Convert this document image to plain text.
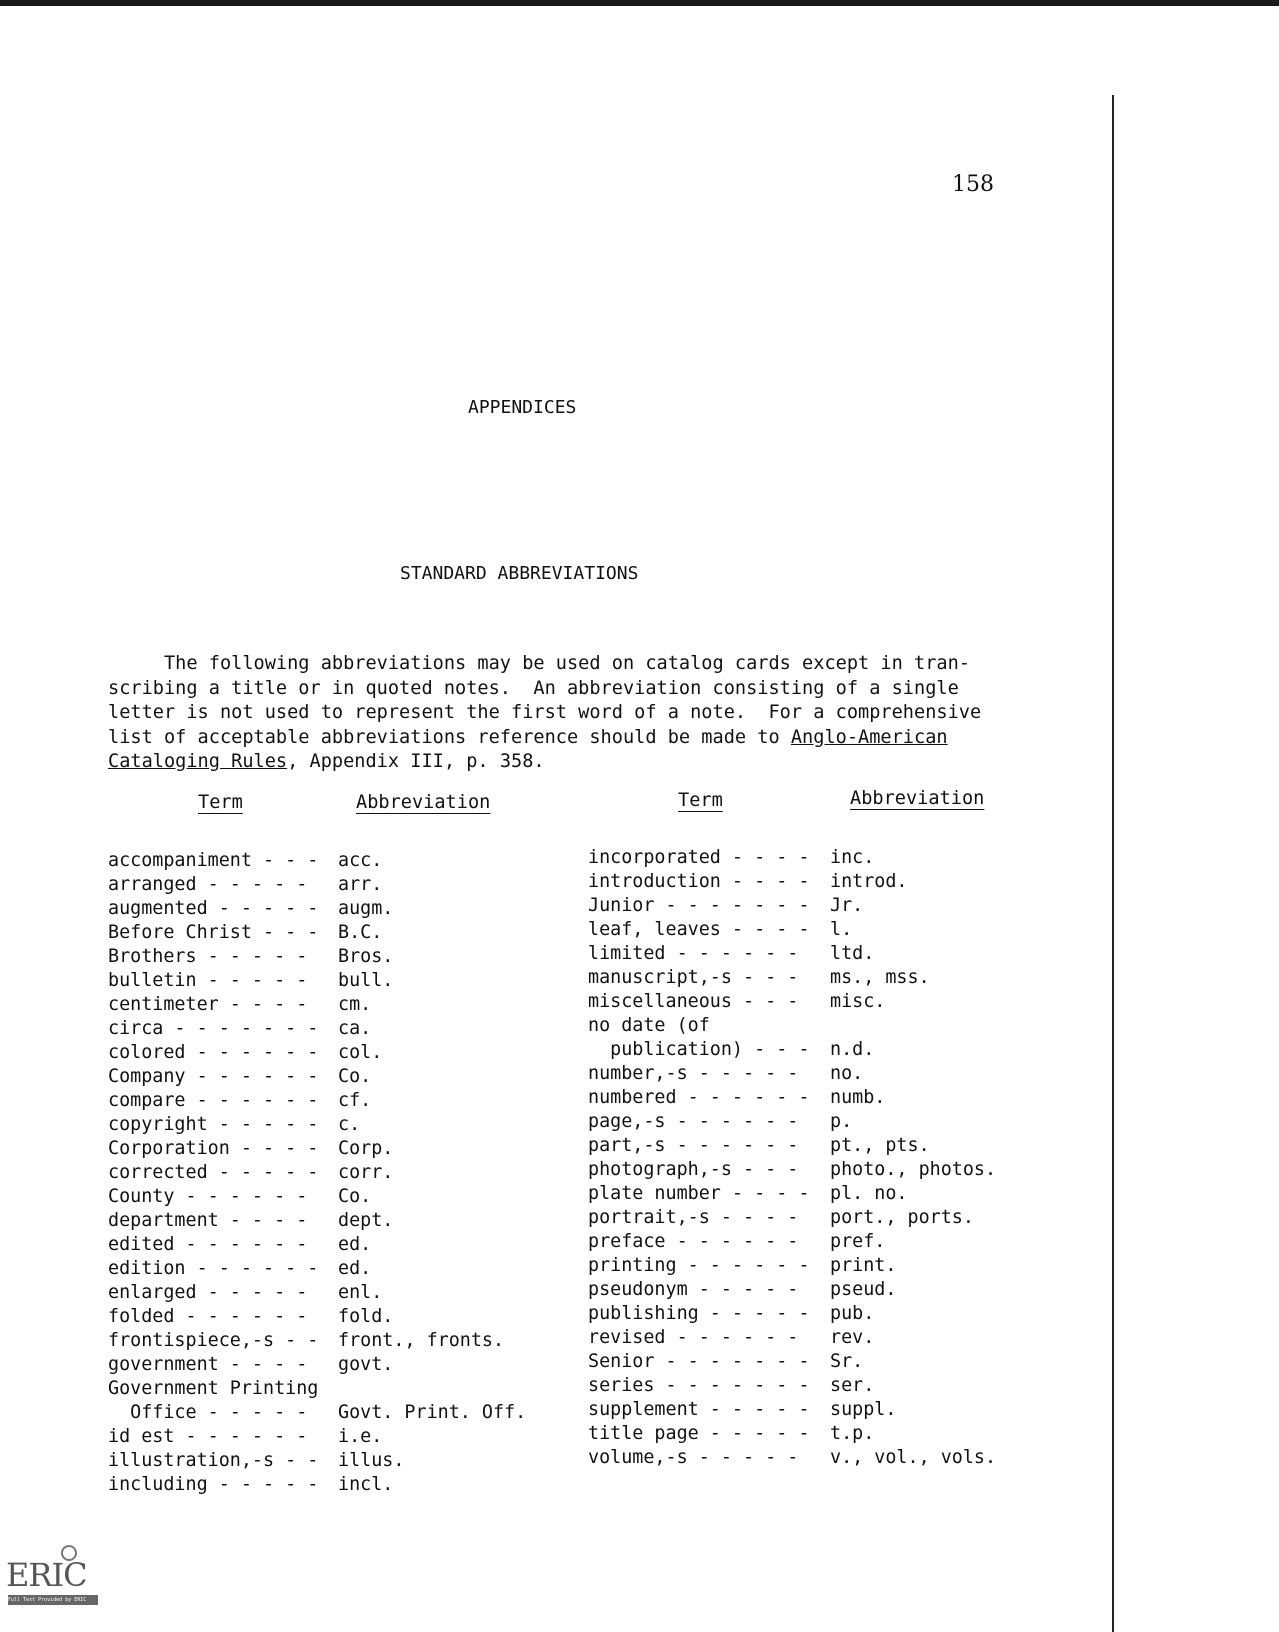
158
APPENDICES
STANDARD ABBREVIATIONS
The following abbreviations may be used on catalog cards except in tran-
scribing a title or in quoted notes.  An abbreviation consisting of a single
letter is not used to represent the first word of a note.  For a comprehensive
list of acceptable abbreviations reference should be made to Anglo-American
Cataloging Rules, Appendix III, p. 358.
Term	Abbreviation	Term	Abbreviation
accompaniment - - - acc.
arranged - - - - - arr.
augmented - - - - - augm.
Before Christ - - - B.C.
Brothers - - - - - Bros.
bulletin - - - - - bull.
centimeter - - - - cm.
circa - - - - - - - ca.
colored - - - - - - col.
Company - - - - - - Co.
compare - - - - - - cf.
copyright - - - - - c.
Corporation - - - - Corp.
corrected - - - - - corr.
County - - - - - - Co.
department - - - - dept.
edited - - - - - - ed.
edition - - - - - - ed.
enlarged - - - - - enl.
folded - - - - - - fold.
frontispiece,-s - - front., fronts.
government - - - - govt.
Government Printing
Office - - - - - Govt. Print. Off.
id est - - - - - - i.e.
illustration,-s - - illus.
including - - - - - incl.
incorporated - - - - inc.
introduction - - - - introd.
Junior - - - - - - - Jr.
leaf, leaves - - - - l.
limited - - - - - - ltd.
manuscript,-s - - - ms., mss.
miscellaneous - - - misc.
no date (of
publication) - - - n.d.
number,-s - - - - - no.
numbered - - - - - - numb.
page,-s - - - - - - p.
part,-s - - - - - - pt., pts.
photograph,-s - - - photo., photos.
plate number - - - - pl. no.
portrait,-s - - - - port., ports.
preface - - - - - - pref.
printing - - - - - - print.
pseudonym - - - - - pseud.
publishing - - - - - pub.
revised - - - - - - rev.
Senior - - - - - - - Sr.
series - - - - - - - ser.
supplement - - - - - suppl.
title page - - - - - t.p.
volume,-s - - - - - v., vol., vols.
ERIC
Full Text Provided by ERIC
